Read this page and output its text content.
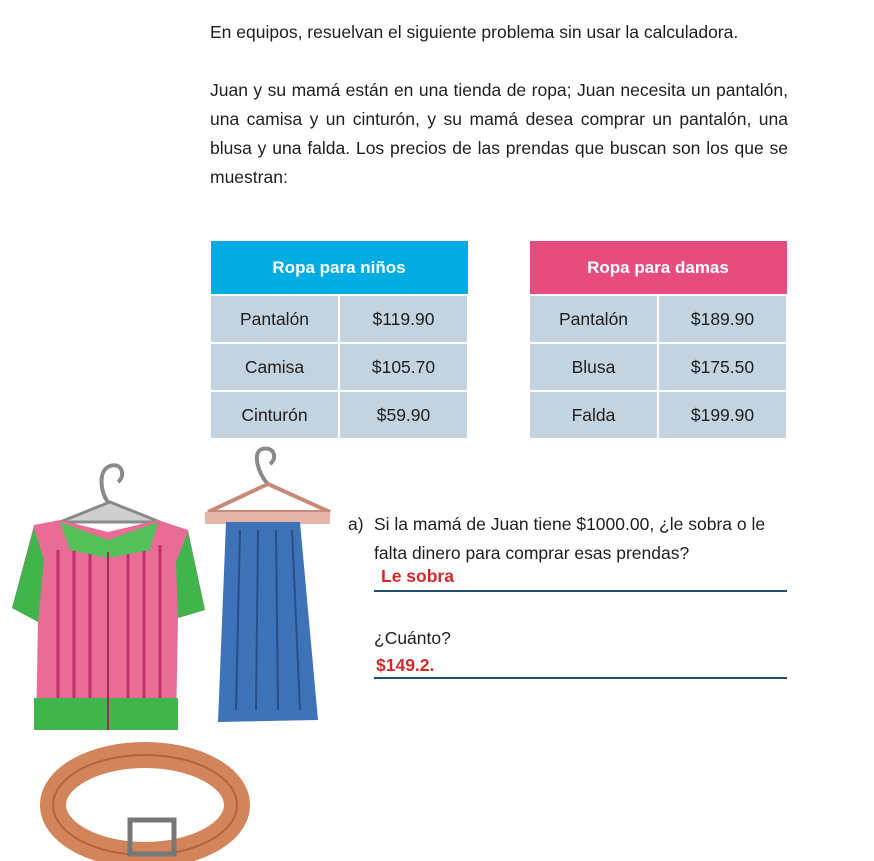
En equipos, resuelvan el siguiente problema sin usar la calculadora.

Juan y su mamá están en una tienda de ropa; Juan necesita un pantalón, una camisa y un cinturón, y su mamá desea comprar un pantalón, una blusa y una falda. Los precios de las prendas que buscan son los que se muestran:

Ropa para niños	
Pantalón	$119.90
Camisa	$105.70
Cinturón	$59.90
Ropa para damas	
Pantalón	$189.90
Blusa	$175.50
Falda	$199.90
a) Si la mamá de Juan tiene $1000.00, ¿le sobra o le falta dinero para comprar esas prendas?
Le sobra
¿Cuánto?
$149.2.
